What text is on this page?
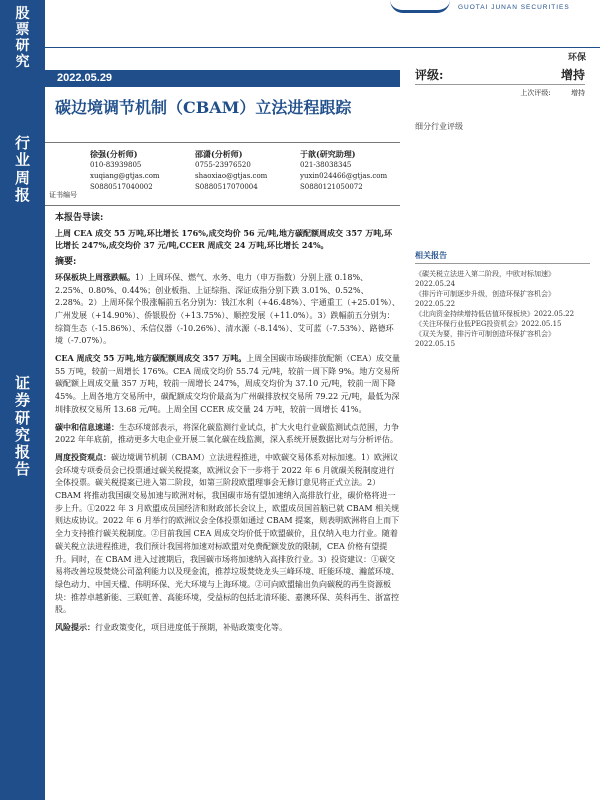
股
票
研
究
行
业
周
报
证
券
研
究
报
告
GUOTAI JUNAN SECURITIES
环保
2022.05.29
碳边境调节机制（CBAM）立法进程跟踪
评级:	增持
上次评级:	增持
细分行业评级
徐强(分析师)
010-83939805
xuqiang@gtjas.com
S0880517040002
邵潇(分析师)
0755-23976520
shaoxiao@gtjas.com
S0880517070004
于歆(研究助理)
021-38038345
yuxin024466@gtjas.com
S0880121050072
证书编号
本报告导读:

上周 CEA 成交 55 万吨,环比增长 176%,成交均价 56 元/吨,地方碳配额周成交 357 万吨,环比增长 247%,成交均价 37 元/吨,CCER 周成交 24 万吨,环比增长 24%。

摘要:

环保板块上周涨跌幅。1）上周环保、燃气、水务、电力（申万指数）分别上涨 0.18%、2.25%、0.80%、0.44%；创业板指、上证综指、深证成指分别下跌 3.01%、0.52%、2.28%。2）上周环保个股涨幅前五名分别为：钱江水利（+46.48%）、宇通重工（+25.01%）、广州发展（+14.90%）、侨银股份（+13.75%）、顺控发展（+11.0%）。3）跌幅前五分别为：综简生态（-15.86%）、禾信仪器（-10.26%）、清水源（-8.14%）、艾可蓝（-7.53%）、路德环境（-7.07%）。

CEA 周成交 55 万吨,地方碳配额周成交 357 万吨。上周全国碳市场碳排放配额（CEA）成交量 55 万吨，较前一周增长 176%。CEA 周成交均价 55.74 元/吨，较前一周下降 9%。地方交易所碳配额上周成交量 357 万吨，较前一周增长 247%，周成交均价为 37.10 元/吨，较前一周下降 45%。上周各地方交易所中，碳配额成交均价最高为广州碳排放权交易所 79.22 元/吨，最低为深圳排放权交易所 13.68 元/吨。上周全国 CCER 成交量 24 万吨，较前一周增长 41%。

碳中和信息速递：生态环境部表示，将深化碳监测行业试点，扩大火电行业碳监测试点范围，力争 2022 年年底前，推动更多大电企业开展二氧化碳在线监测，深入系统开展数据比对与分析评估。

周度投资观点：碳边境调节机制（CBAM）立法进程推进，中欧碳交易体系对标加速。1）欧洲议会环境专项委员会已投票通过碳关税提案，欧洲议会下一步将于 2022 年 6 月就碳关税制度进行全体投票。碳关税提案已进入第二阶段，如第三阶段欧盟理事会无修订意见将正式立法。2）CBAM 将推动我国碳交易加速与欧洲对标，我国碳市场有望加速纳入高排放行业，碳价格将进一步上升。①2022 年 3 月欧盟成员国经济和财政部长会议上，欧盟成员国首脑已就 CBAM 相关规则达成协议。2022 年 6 月举行的欧洲议会全体投票如通过 CBAM 提案，则表明欧洲将自上而下全力支持推行碳关税制度。②目前我国 CEA 周成交均价低于欧盟碳价，且仅纳入电力行业。随着碳关税立法进程推进，我们预计我国将加速对标欧盟对免费配额发放的限制，CEA 价格有望提升。同时，在 CBAM 进入过渡期后，我国碳市场将加速纳入高排放行业。3）投资建议：①碳交易将改善垃圾焚烧公司盈利能力以及现金流，推荐垃圾焚烧龙头三峰环境、旺能环境、瀚蓝环境、绿色动力、中国天楹、伟明环保、光大环境与上海环境。②可向欧盟输出负向碳税的再生资源板块：推荐卓越新能、三联虹普、高能环境，受益标的包括北清环能、嘉澳环保、英科再生、浙富控股。

风险提示：行业政策变化，项目进度低于预期，补贴政策变化等。

相关报告
《碳关税立法进入第二阶段，中欧对标加速》2022.05.24
《排污许可制逐步升级，创造环保扩容机会》2022.05.22
《北向资金持续增持低估值环保板块》2022.05.22
《关注环保行业低PEG投资机会》2022.05.15
《双关为要，排污许可制创造环保扩容机会》2022.05.15
